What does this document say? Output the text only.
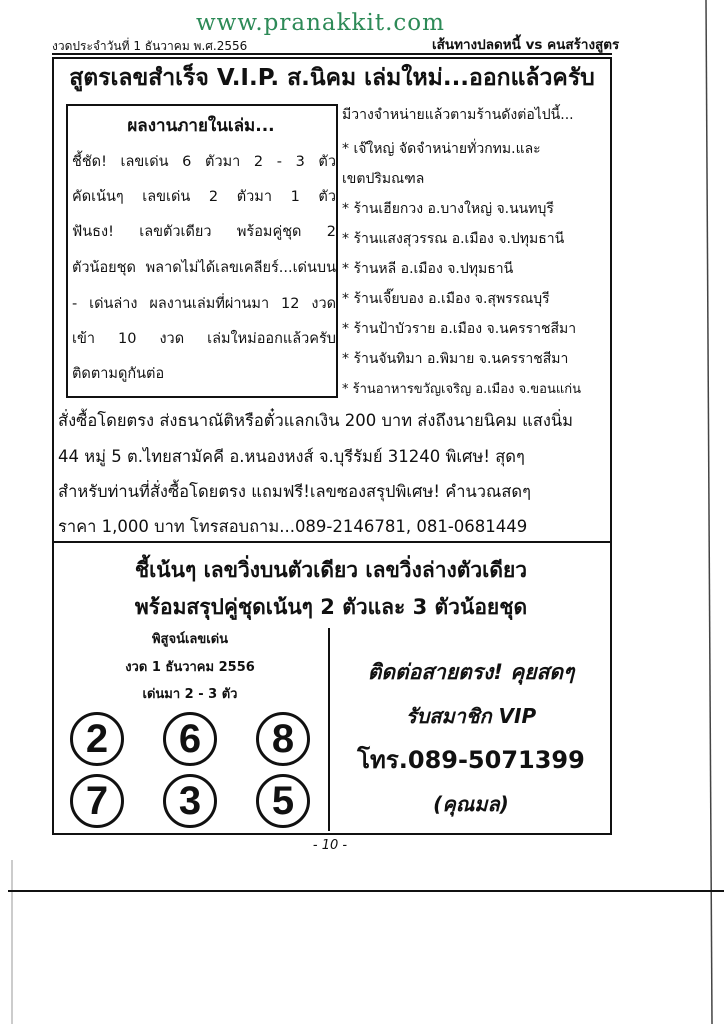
www.pranakkit.com
งวดประจำวันที่ 1 ธันวาคม พ.ศ.2556	เส้นทางปลดหนี้ vs คนสร้างสูตร
สูตรเลขสำเร็จ V.I.P. ส.นิคม เล่มใหม่...ออกแล้วครับ
ผลงานภายในเล่ม...
ชี้ชัด! เลขเด่น 6 ตัวมา 2 - 3 ตัว
คัดเน้นๆ เลขเด่น 2 ตัวมา 1 ตัว
ฟันธง! เลขตัวเดียว พร้อมคู่ชุด 2
ตัวน้อยชุด พลาดไม่ได้เลขเคลียร์...เด่นบน
- เด่นล่าง ผลงานเล่มที่ผ่านมา 12 งวด
เข้า 10 งวด เล่มใหม่ออกแล้วครับ
ติดตามดูกันต่อ
มีวางจำหน่ายแล้วตามร้านดังต่อไปนี้...
* เจ๊ใหญ่ จัดจำหน่ายทั่วกทม.และ
เขตปริมณฑล
* ร้านเฮียกวง อ.บางใหญ่ จ.นนทบุรี
* ร้านแสงสุวรรณ อ.เมือง จ.ปทุมธานี
* ร้านหลี อ.เมือง จ.ปทุมธานี
* ร้านเจี๊ยบอง อ.เมือง จ.สุพรรณบุรี
* ร้านป้าบัวราย อ.เมือง จ.นครราชสีมา
* ร้านจันทิมา อ.พิมาย จ.นครราชสีมา
* ร้านอาหารขวัญเจริญ อ.เมือง จ.ขอนแก่น
สั่งซื้อโดยตรง ส่งธนาณัติหรือตั๋วแลกเงิน 200 บาท ส่งถึงนายนิคม แสงนิ่ม
44 หมู่ 5 ต.ไทยสามัคคี อ.หนองหงส์ จ.บุรีรัมย์ 31240 พิเศษ! สุดๆ
สำหรับท่านที่สั่งซื้อโดยตรง แถมฟรี!เลขซองสรุปพิเศษ! คำนวณสดๆ
ราคา 1,000 บาท โทรสอบถาม...089-2146781, 081-0681449
ชี้เน้นๆ เลขวิ่งบนตัวเดียว เลขวิ่งล่างตัวเดียว
พร้อมสรุปคู่ชุดเน้นๆ 2 ตัวและ 3 ตัวน้อยชุด
พิสูจน์เลขเด่น
งวด 1 ธันวาคม 2556
เด่นมา 2 - 3 ตัว
2	6	8
7	3	5
ติดต่อสายตรง! คุยสดๆ
รับสมาชิก VIP
โทร.089-5071399
(คุณมล)
- 10 -
